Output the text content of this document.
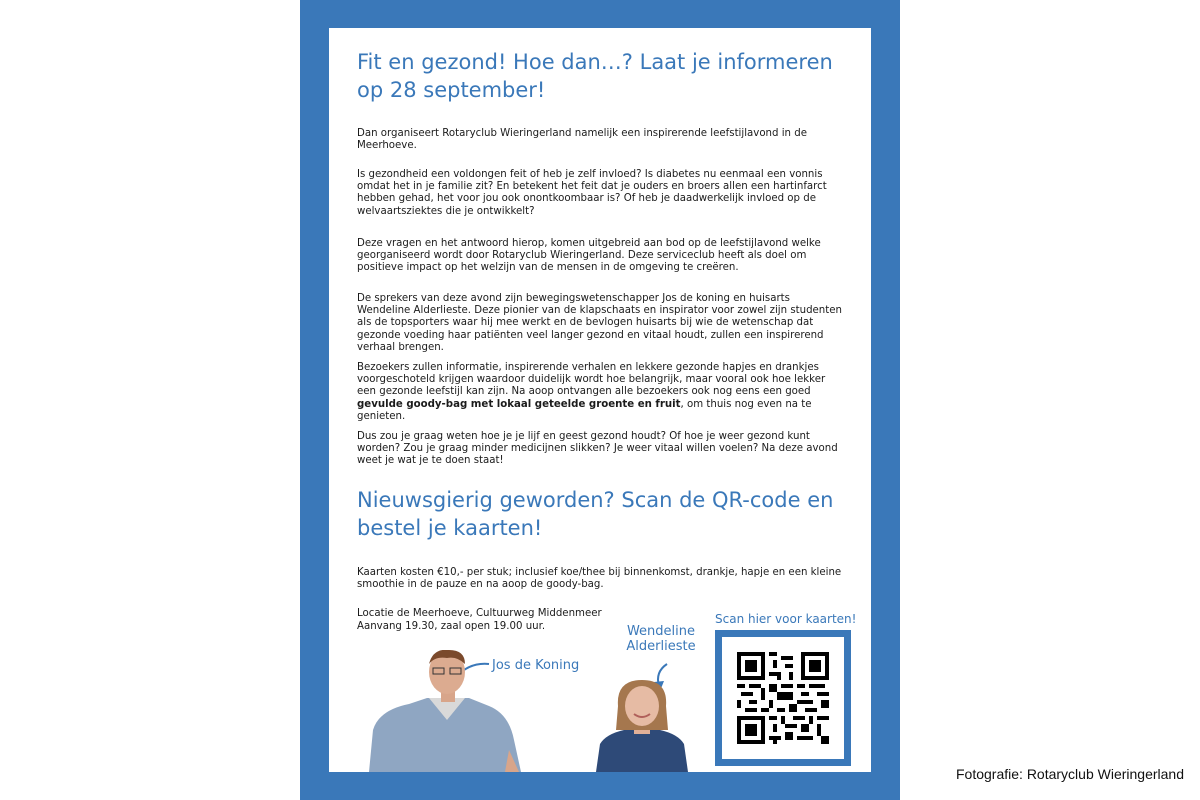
Fit en gezond! Hoe dan…? Laat je informeren op 28 september!

Dan organiseert Rotaryclub Wieringerland namelijk een inspirerende leefstijlavond in de Meerhoeve.

Is gezondheid een voldongen feit of heb je zelf invloed? Is diabetes nu eenmaal een vonnis omdat het in je familie zit? En betekent het feit dat je ouders en broers allen een hartinfarct hebben gehad, het voor jou ook onontkoombaar is? Of heb je daadwerkelijk invloed op de welvaartsziektes die je ontwikkelt?

Deze vragen en het antwoord hierop, komen uitgebreid aan bod op de leefstijlavond welke georganiseerd wordt door Rotaryclub Wieringerland. Deze serviceclub heeft als doel om positieve impact op het welzijn van de mensen in de omgeving te creëren.

De sprekers van deze avond zijn bewegingswetenschapper Jos de koning en huisarts Wendeline Alderlieste. Deze pionier van de klapschaats en inspirator voor zowel zijn studenten als de topsporters waar hij mee werkt en de bevlogen huisarts bij wie de wetenschap dat gezonde voeding haar patiënten veel langer gezond en vitaal houdt, zullen een inspirerend verhaal brengen.

Bezoekers zullen informatie, inspirerende verhalen en lekkere gezonde hapjes en drankjes voorgeschoteld krijgen waardoor duidelijk wordt hoe belangrijk, maar vooral ook hoe lekker een gezonde leefstijl kan zijn. Na aoop ontvangen alle bezoekers ook nog eens een goed gevulde goody-bag met lokaal geteelde groente en fruit, om thuis nog even na te genieten.

Dus zou je graag weten hoe je je lijf en geest gezond houdt? Of hoe je weer gezond kunt worden? Zou je graag minder medicijnen slikken? Je weer vitaal willen voelen? Na deze avond weet je wat je te doen staat!

Nieuwsgierig geworden? Scan de QR-code en bestel je kaarten!

Kaarten kosten €10,- per stuk; inclusief koe/thee bij binnenkomst, drankje, hapje en een kleine smoothie in de pauze en na aoop de goody-bag.

Locatie de Meerhoeve, Cultuurweg Middenmeer

Aanvang 19.30, zaal open 19.00 uur.

Jos de Koning
Wendeline
Alderlieste
Scan hier voor kaarten!
Fotografie: Rotaryclub Wieringerland
